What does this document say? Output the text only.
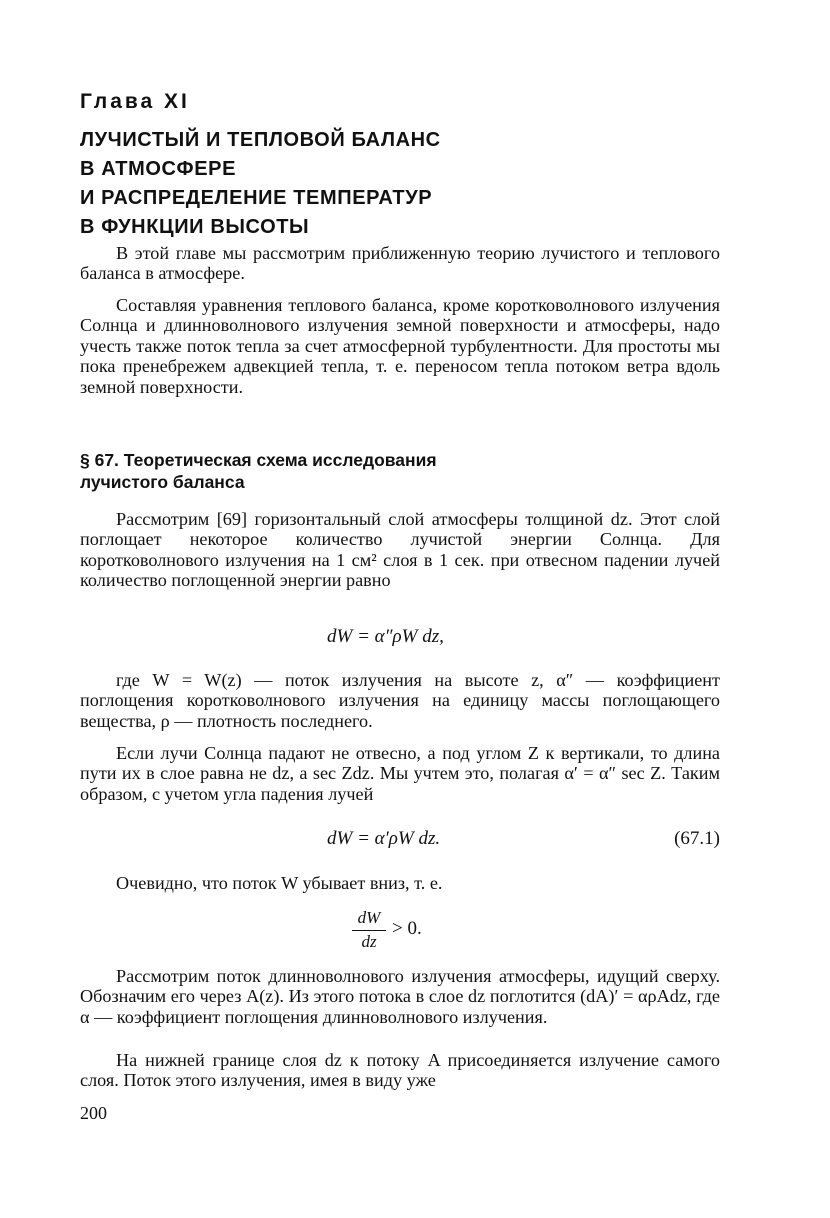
Глава XI
ЛУЧИСТЫЙ И ТЕПЛОВОЙ БАЛАНС
В АТМОСФЕРЕ
И РАСПРЕДЕЛЕНИЕ ТЕМПЕРАТУР
В ФУНКЦИИ ВЫСОТЫ

В этой главе мы рассмотрим приближенную теорию лучистого и теплового баланса в атмосфере.

Составляя уравнения теплового баланса, кроме коротковолнового излучения Солнца и длинноволнового излучения земной поверхности и атмосферы, надо учесть также поток тепла за счет атмосферной турбулентности. Для простоты мы пока пренебрежем адвекцией тепла, т. е. переносом тепла потоком ветра вдоль земной поверхности.

§ 67. Теоретическая схема исследования
лучистого баланса

Рассмотрим [69] горизонтальный слой атмосферы толщиной dz. Этот слой поглощает некоторое количество лучистой энергии Солнца. Для коротковолнового излучения на 1 см² слоя в 1 сек. при отвесном падении лучей количество поглощенной энергии равно

dW = α″ρW dz,

где W = W(z) — поток излучения на высоте z, α″ — коэффициент поглощения коротковолнового излучения на единицу массы поглощающего вещества, ρ — плотность последнего.

Если лучи Солнца падают не отвесно, а под углом Z к вертикали, то длина пути их в слое равна не dz, а sec Zdz. Мы учтем это, полагая α′ = α″ sec Z. Таким образом, с учетом угла падения лучей

dW = α′ρW dz.	(67.1)

Очевидно, что поток W убывает вниз, т. е.

dW
dz
> 0.

Рассмотрим поток длинноволнового излучения атмосферы, идущий сверху. Обозначим его через A(z). Из этого потока в слое dz поглотится (dA)′ = αρAdz, где α — коэффициент поглощения длинноволнового излучения.

На нижней границе слоя dz к потоку A присоединяется излучение самого слоя. Поток этого излучения, имея в виду уже

200
